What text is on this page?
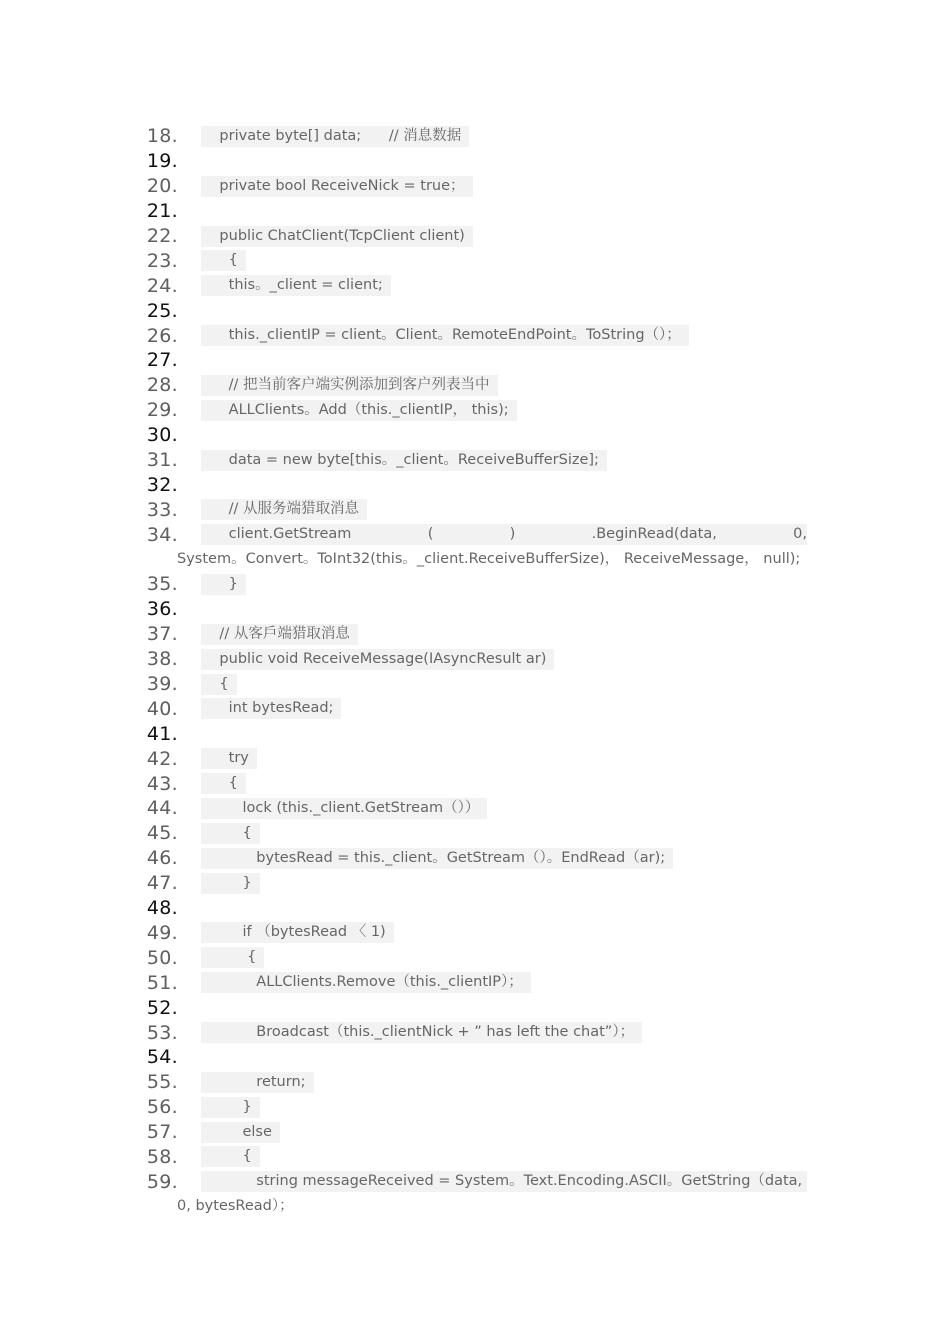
18. private byte[] data;      // 消息数据
19.
20. private bool ReceiveNick = true；
21.
22. public ChatClient(TcpClient client)
23. {
24. this。_client = client;
25.
26. this._clientIP = client。Client。RemoteEndPoint。ToString（）；
27.
28. // 把当前客户端实例添加到客户列表当中
29. ALLClients。Add（this._clientIP， this);
30.
31. data = new byte[this。_client。ReceiveBufferSize];
32.
33. // 从服务端猎取消息
34. client.GetStream	(	)	.BeginRead(data,	0,
System。Convert。ToInt32(this。_client.ReceiveBufferSize)， ReceiveMessage， null);
35. }
36.
37. // 从客戶端猎取消息
38. public void ReceiveMessage(IAsyncResult ar)
39. {
40. int bytesRead;
41.
42. try
43. {
44. lock (this._client.GetStream（））
45. {
46. bytesRead = this._client。GetStream（）。EndRead（ar);
47. }
48.
49. if （bytesRead 〈 1)
50. {
51. ALLClients.Remove（this._clientIP）；
52.
53. Broadcast（this._clientNick + ” has left the chat”）；
54.
55. return;
56. }
57. else
58. {
59. string messageReceived = System。Text.Encoding.ASCII。GetString（data,
0, bytesRead）；
